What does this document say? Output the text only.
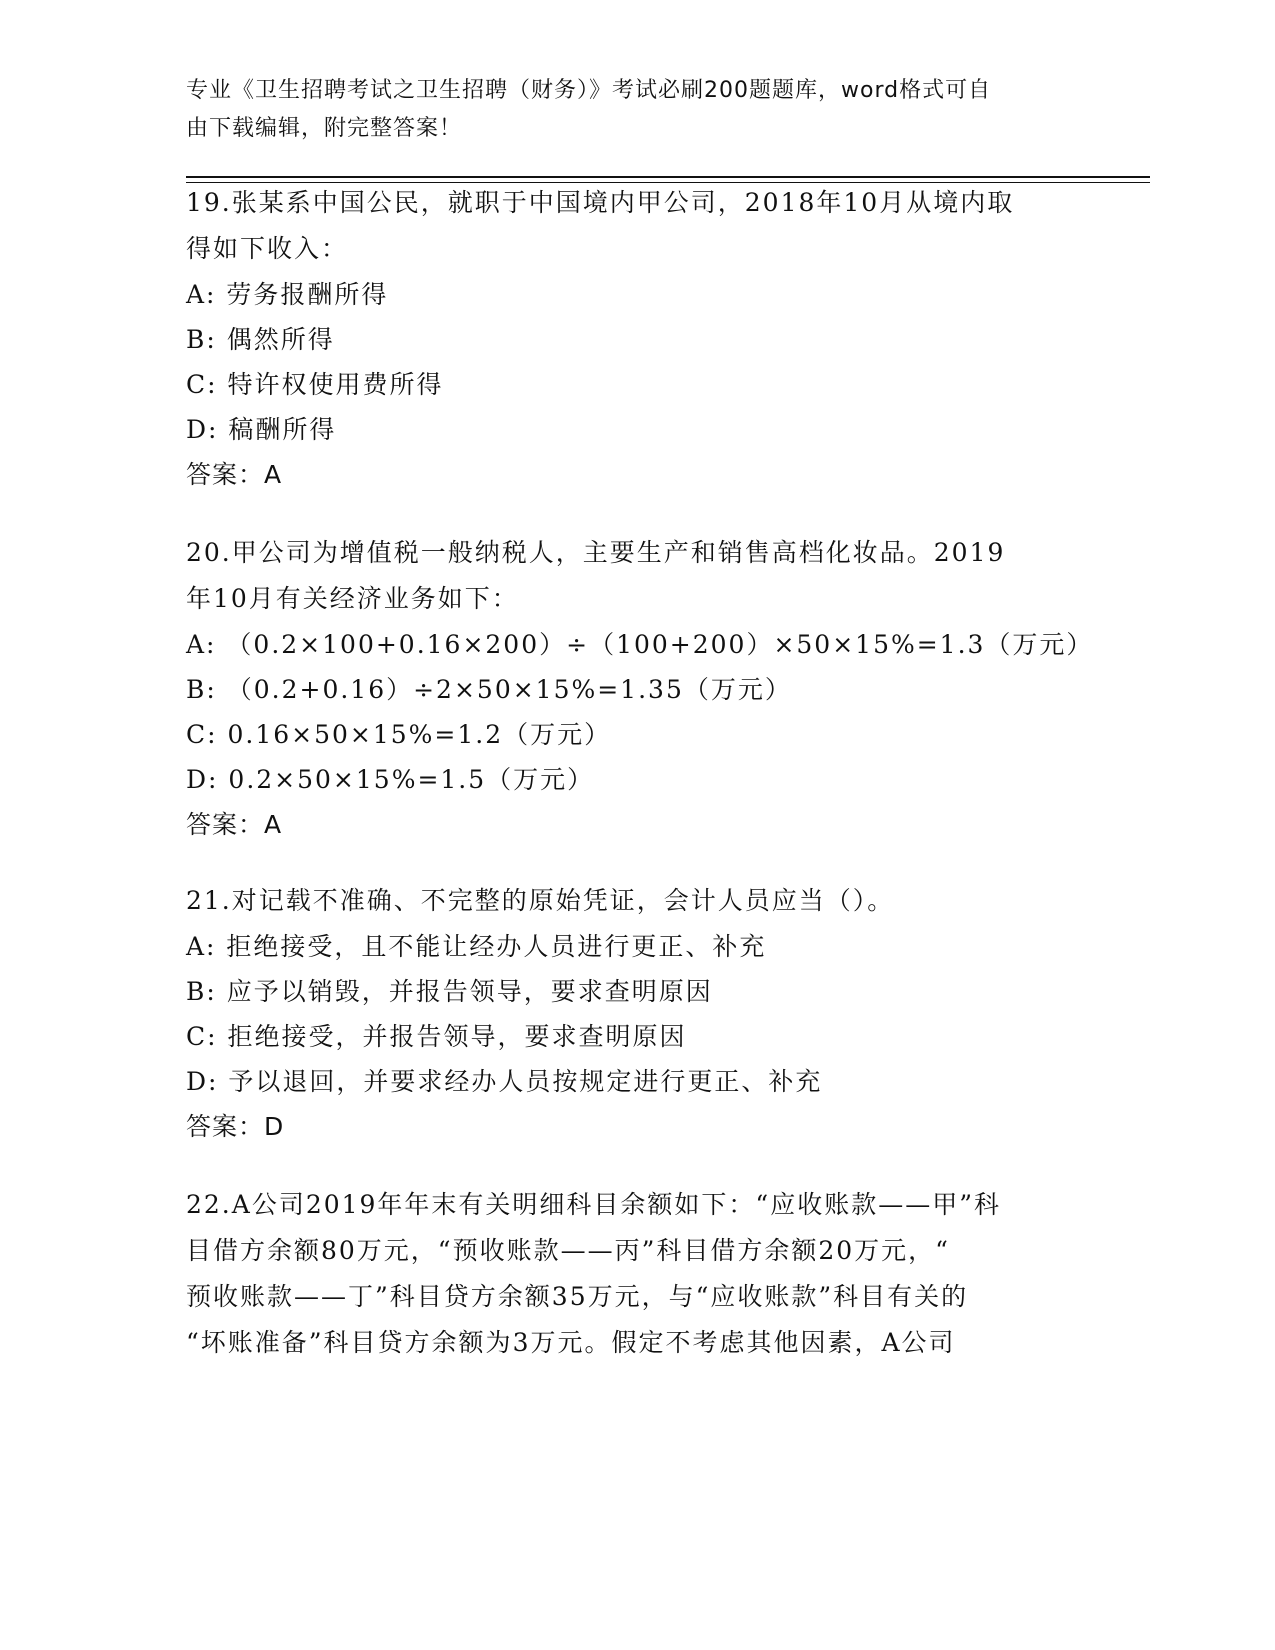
专业《卫生招聘考试之卫生招聘（财务）》考试必刷200题题库，word格式可自
由下载编辑，附完整答案！
19.张某系中国公民，就职于中国境内甲公司，2018年10月从境内取
得如下收入：
A: 劳务报酬所得
B: 偶然所得
C: 特许权使用费所得
D: 稿酬所得
答案：A
20.甲公司为增值税一般纳税人，主要生产和销售高档化妆品。2019
年10月有关经济业务如下：
A: （0.2×100+0.16×200）÷（100+200）×50×15%=1.3（万元）
B: （0.2+0.16）÷2×50×15%=1.35（万元）
C: 0.16×50×15%=1.2（万元）
D: 0.2×50×15%=1.5（万元）
答案：A
21.对记载不准确、不完整的原始凭证，会计人员应当（）。
A: 拒绝接受，且不能让经办人员进行更正、补充
B: 应予以销毁，并报告领导，要求查明原因
C: 拒绝接受，并报告领导，要求查明原因
D: 予以退回，并要求经办人员按规定进行更正、补充
答案：D
22.A公司2019年年末有关明细科目余额如下：“应收账款——甲”科
目借方余额80万元，“预收账款——丙”科目借方余额20万元，“
预收账款——丁”科目贷方余额35万元，与“应收账款”科目有关的
“坏账准备”科目贷方余额为3万元。假定不考虑其他因素，A公司
